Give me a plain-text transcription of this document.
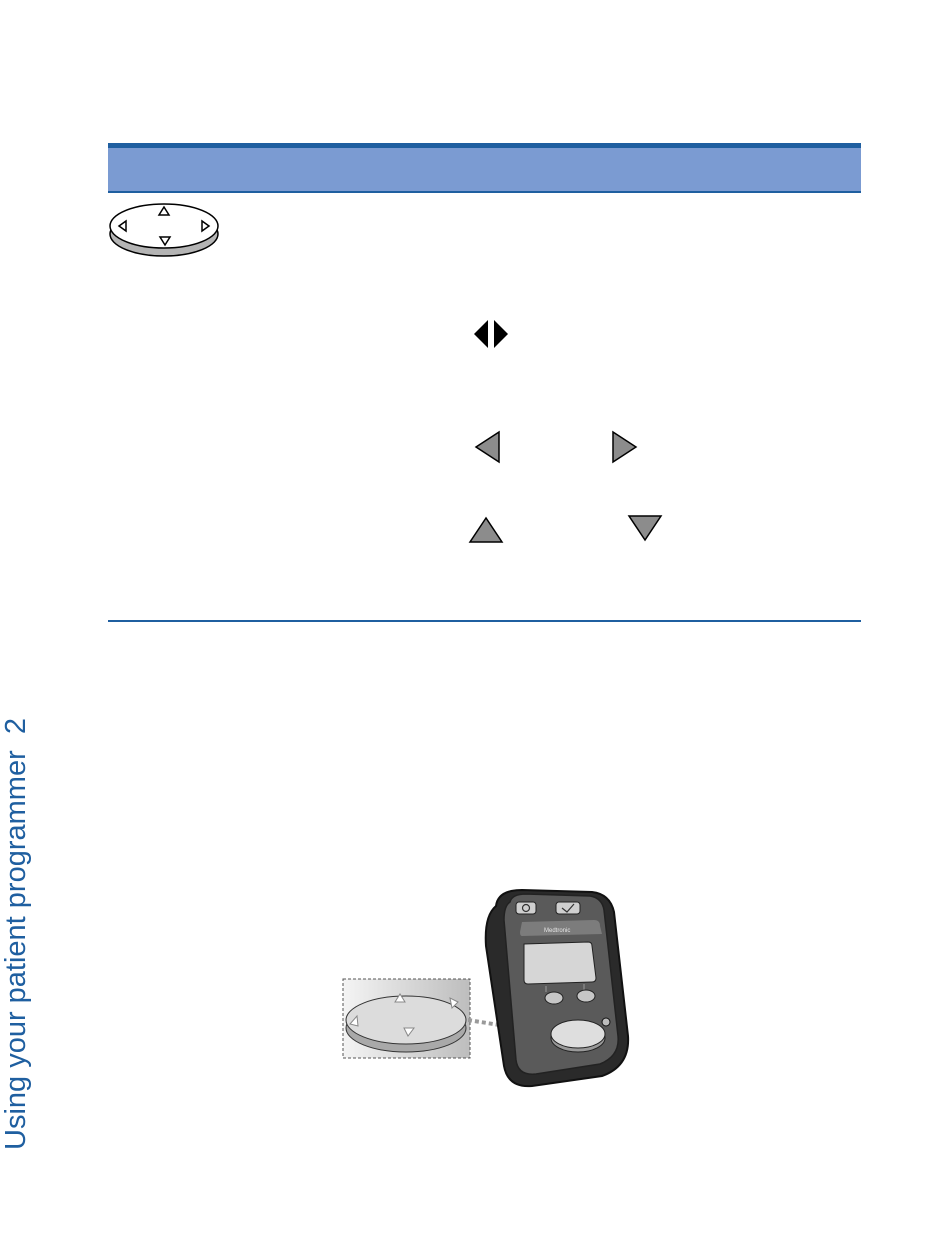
Using your patient programmer  2
Medtronic
